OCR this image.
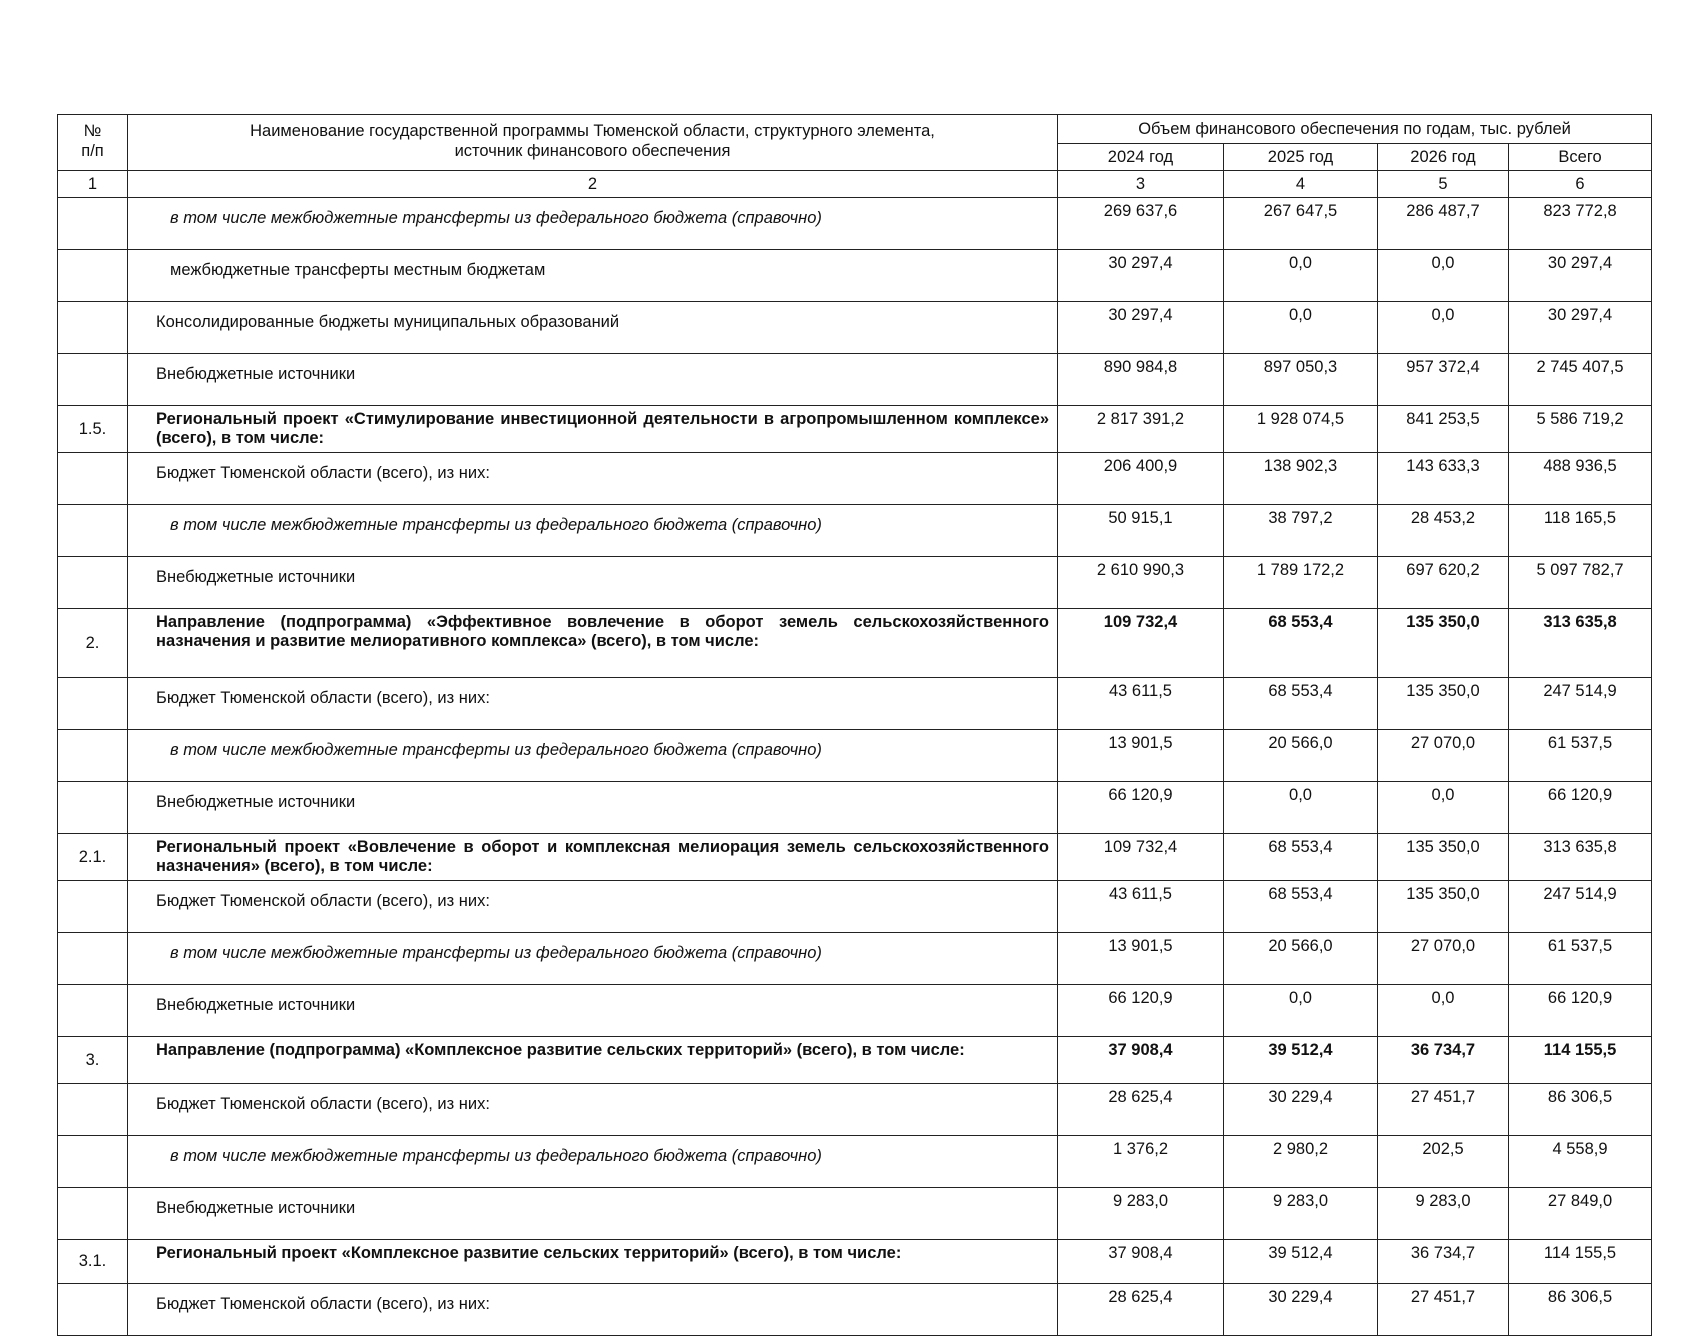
№
п/п	Наименование государственной программы Тюменской области, структурного элемента, источник финансового обеспечения	Объем финансового обеспечения по годам, тыс. рублей			
		2024 год	2025 год	2026 год	Всего
1	2	3	4	5	6
	в том числе межбюджетные трансферты из федерального бюджета (справочно)	269 637,6	267 647,5	286 487,7	823 772,8
	межбюджетные трансферты местным бюджетам	30 297,4	0,0	0,0	30 297,4
	Консолидированные бюджеты муниципальных образований	30 297,4	0,0	0,0	30 297,4
	Внебюджетные источники	890 984,8	897 050,3	957 372,4	2 745 407,5
1.5.	Региональный проект «Стимулирование инвестиционной деятельности в агропромышленном комплексе» (всего), в том числе:	2 817 391,2	1 928 074,5	841 253,5	5 586 719,2
	Бюджет Тюменской области (всего), из них:	206 400,9	138 902,3	143 633,3	488 936,5
	в том числе межбюджетные трансферты из федерального бюджета (справочно)	50 915,1	38 797,2	28 453,2	118 165,5
	Внебюджетные источники	2 610 990,3	1 789 172,2	697 620,2	5 097 782,7
2.	Направление (подпрограмма) «Эффективное вовлечение в оборот земель сельскохозяйственного назначения и развитие мелиоративного комплекса» (всего), в том числе:	109 732,4	68 553,4	135 350,0	313 635,8
	Бюджет Тюменской области (всего), из них:	43 611,5	68 553,4	135 350,0	247 514,9
	в том числе межбюджетные трансферты из федерального бюджета (справочно)	13 901,5	20 566,0	27 070,0	61 537,5
	Внебюджетные источники	66 120,9	0,0	0,0	66 120,9
2.1.	Региональный проект «Вовлечение в оборот и комплексная мелиорация земель сельскохозяйственного назначения» (всего), в том числе:	109 732,4	68 553,4	135 350,0	313 635,8
	Бюджет Тюменской области (всего), из них:	43 611,5	68 553,4	135 350,0	247 514,9
	в том числе межбюджетные трансферты из федерального бюджета (справочно)	13 901,5	20 566,0	27 070,0	61 537,5
	Внебюджетные источники	66 120,9	0,0	0,0	66 120,9
3.	Направление (подпрограмма) «Комплексное развитие сельских территорий» (всего), в том числе:	37 908,4	39 512,4	36 734,7	114 155,5
	Бюджет Тюменской области (всего), из них:	28 625,4	30 229,4	27 451,7	86 306,5
	в том числе межбюджетные трансферты из федерального бюджета (справочно)	1 376,2	2 980,2	202,5	4 558,9
	Внебюджетные источники	9 283,0	9 283,0	9 283,0	27 849,0
3.1.	Региональный проект «Комплексное развитие сельских территорий» (всего), в том числе:	37 908,4	39 512,4	36 734,7	114 155,5
	Бюджет Тюменской области (всего), из них:	28 625,4	30 229,4	27 451,7	86 306,5
